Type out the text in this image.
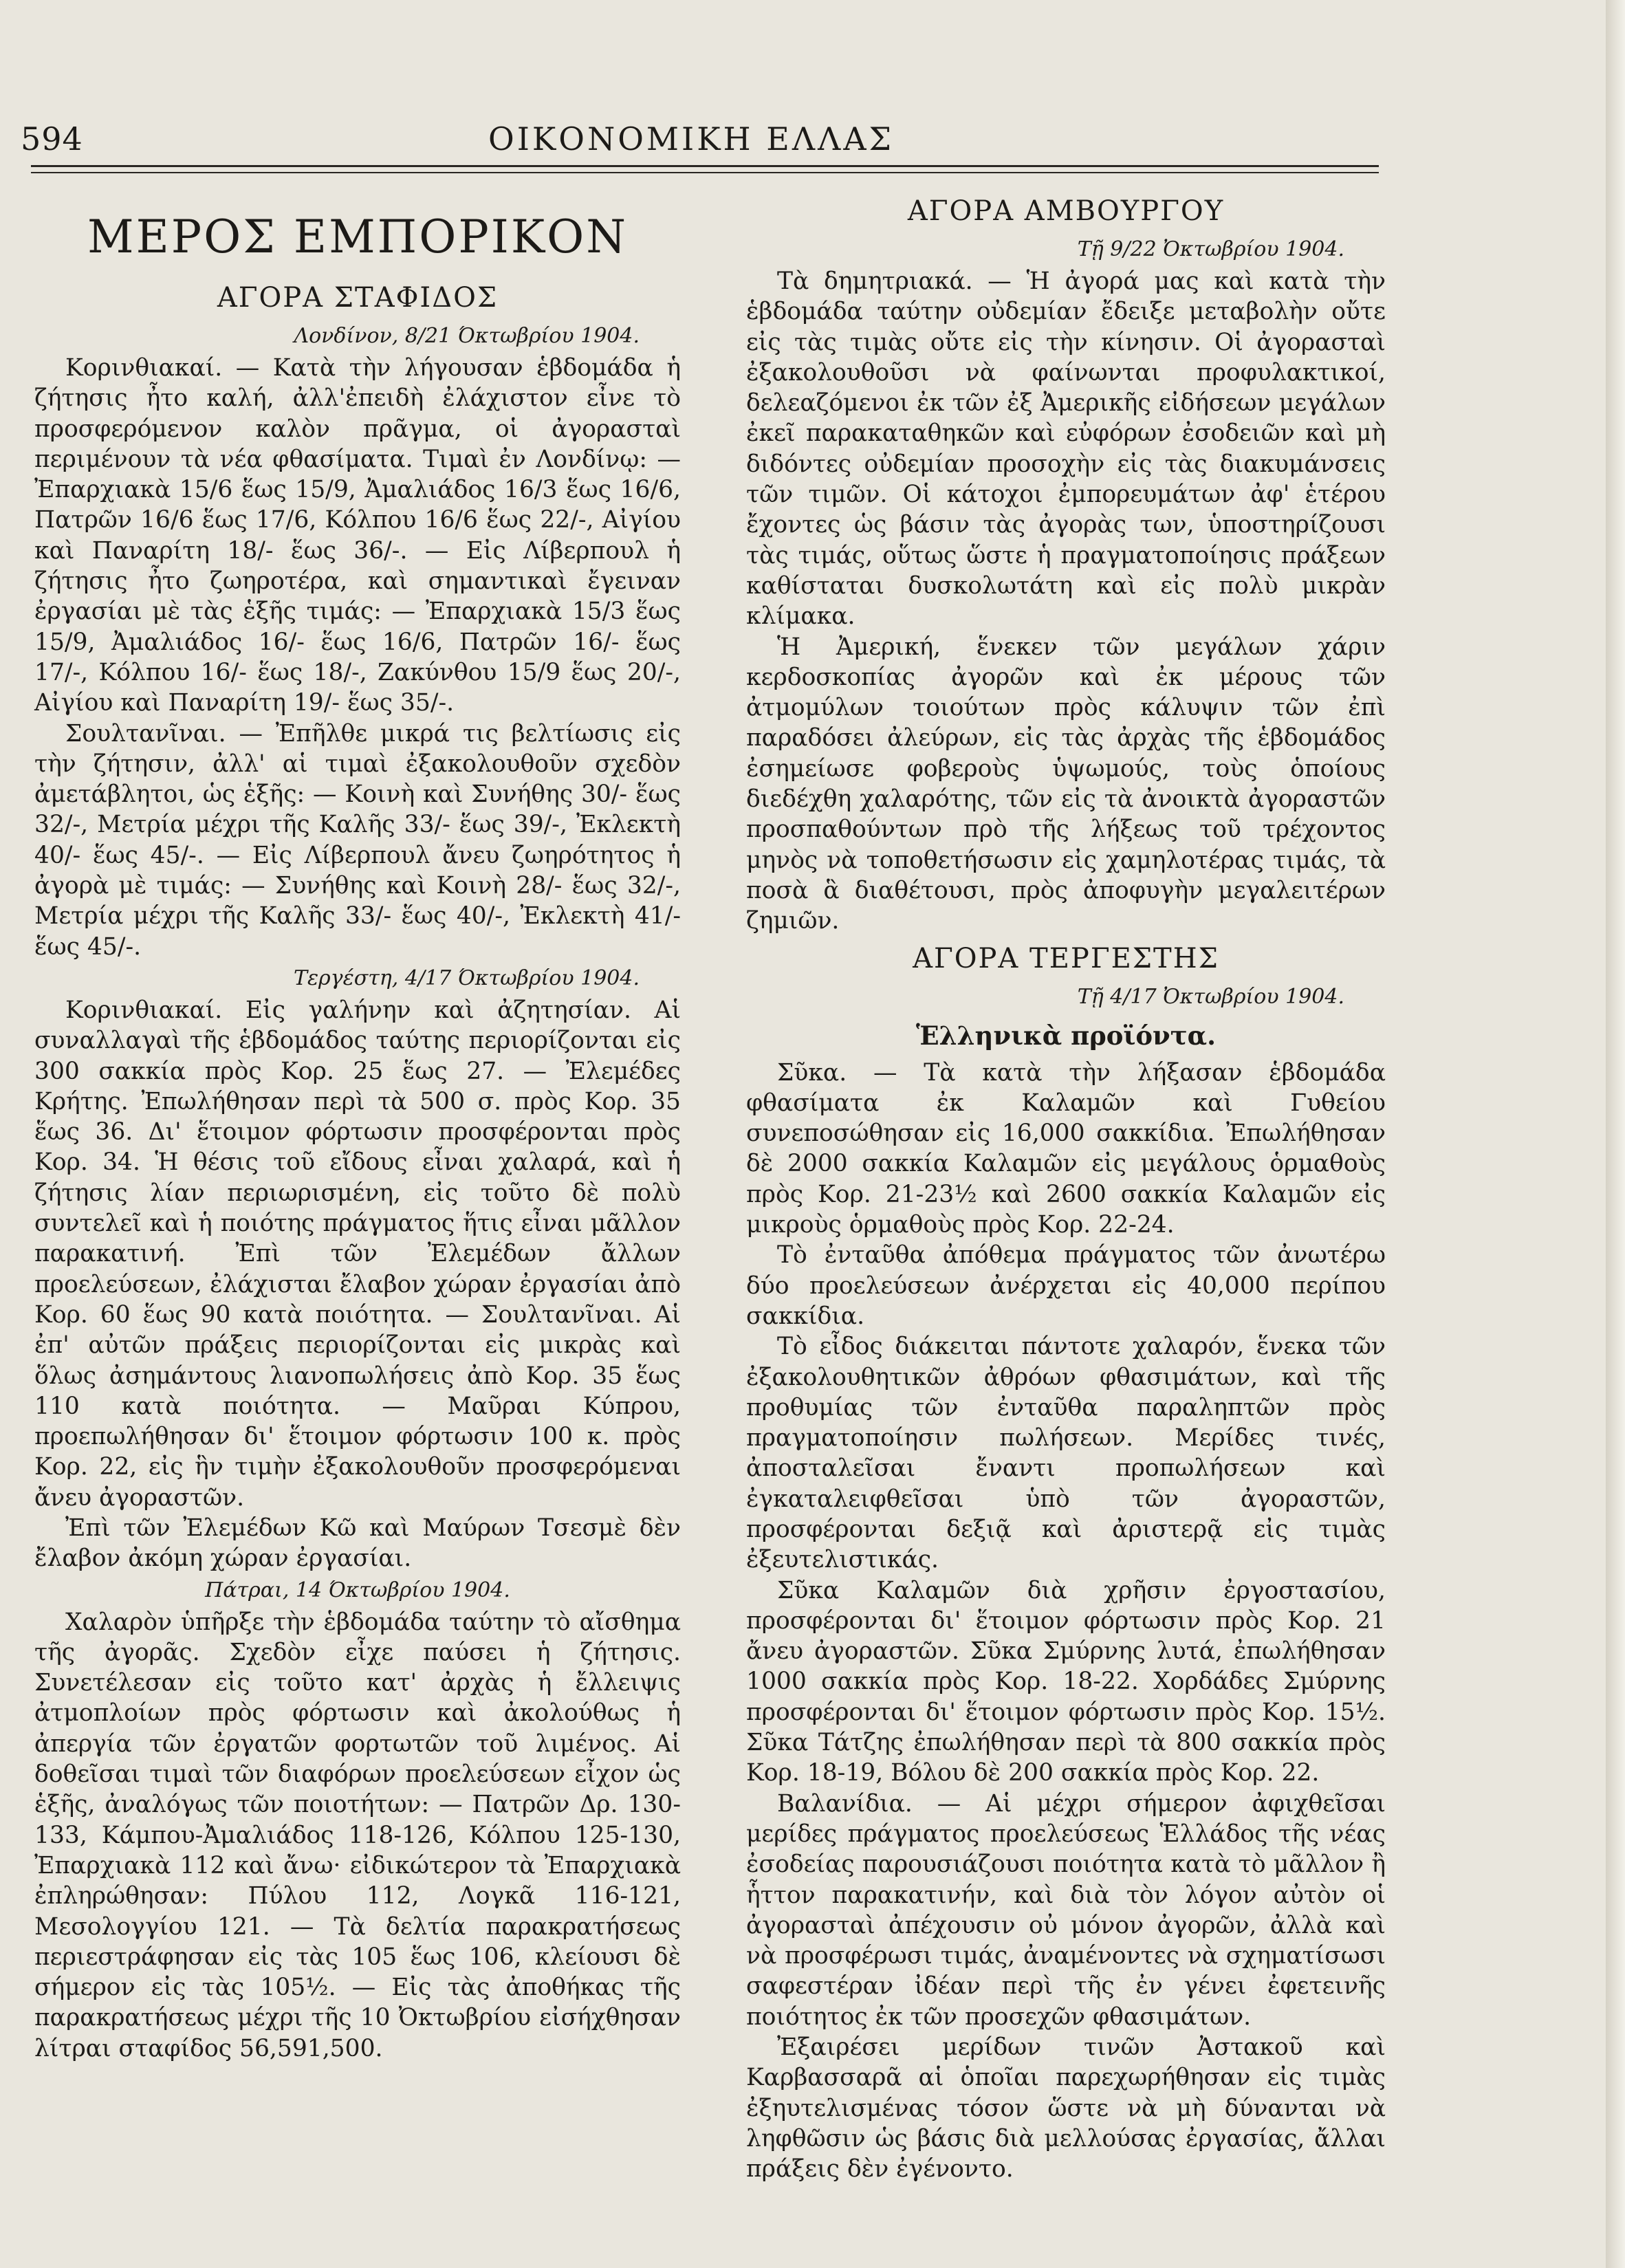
594	ΟΙΚΟΝΟΜΙΚΗ ΕΛΛΑΣ
ΜΕΡΟΣ ΕΜΠΟΡΙΚΟΝ
ΑΓΟΡΑ ΣΤΑΦΙΔΟΣ
Λονδίνον, 8/21 Όκτωβρίου 1904.

Κορινθιακαί. — Κατὰ τὴν λήγουσαν ἑβδομάδα ἡ ζήτησις ἦτο καλή, ἀλλ'ἐπειδὴ ἐλάχιστον εἶνε τὸ προσφερόμενον καλὸν πρᾶγμα, οἱ ἀγορασταὶ περιμένουν τὰ νέα φθασίματα. Τιμαὶ ἐν Λονδίνῳ: — Ἐπαρχιακὰ 15/6 ἕως 15/9, Ἀμαλιάδος 16/3 ἕως 16/6, Πατρῶν 16/6 ἕως 17/6, Κόλπου 16/6 ἕως 22/-, Αἰγίου καὶ Παναρίτη 18/- ἕως 36/-. — Εἰς Λίβερπουλ ἡ ζήτησις ἦτο ζωηροτέρα, καὶ σημαντικαὶ ἔγειναν ἐργασίαι μὲ τὰς ἑξῆς τιμάς: — Ἐπαρχιακὰ 15/3 ἕως 15/9, Ἀμαλιάδος 16/- ἕως 16/6, Πατρῶν 16/- ἕως 17/-, Κόλπου 16/- ἕως 18/-, Ζακύνθου 15/9 ἕως 20/-, Αἰγίου καὶ Παναρίτη 19/- ἕως 35/-.

Σουλτανῖναι. — Ἐπῆλθε μικρά τις βελτίωσις εἰς τὴν ζήτησιν, ἀλλ' αἱ τιμαὶ ἐξακολουθοῦν σχεδὸν ἀμετάβλητοι, ὡς ἑξῆς: — Κοινὴ καὶ Συνήθης 30/- ἕως 32/-, Μετρία μέχρι τῆς Καλῆς 33/- ἕως 39/-, Ἐκλεκτὴ 40/- ἕως 45/-. — Εἰς Λίβερπουλ ἄνευ ζωηρότητος ἡ ἀγορὰ μὲ τιμάς: — Συνήθης καὶ Κοινὴ 28/- ἕως 32/-, Μετρία μέχρι τῆς Καλῆς 33/- ἕως 40/-, Ἐκλεκτὴ 41/- ἕως 45/-.

Τεργέστη, 4/17 Όκτωβρίου 1904.

Κορινθιακαί. Εἰς γαλήνην καὶ ἀζητησίαν. Αἱ συναλλαγαὶ τῆς ἑβδομάδος ταύτης περιορίζονται εἰς 300 σακκία πρὸς Κορ. 25 ἕως 27. — Ἐλεμέδες Κρήτης. Ἐπωλήθησαν περὶ τὰ 500 σ. πρὸς Κορ. 35 ἕως 36. Δι' ἕτοιμον φόρτωσιν προσφέρονται πρὸς Κορ. 34. Ἡ θέσις τοῦ εἴδους εἶναι χαλαρά, καὶ ἡ ζήτησις λίαν περιωρισμένη, εἰς τοῦτο δὲ πολὺ συντελεῖ καὶ ἡ ποιότης πράγματος ἥτις εἶναι μᾶλλον παρακατινή. Ἐπὶ τῶν Ἐλεμέδων ἄλλων προελεύσεων, ἐλάχισται ἔλαβον χώραν ἐργασίαι ἀπὸ Κορ. 60 ἕως 90 κατὰ ποιότητα. — Σουλτανῖναι. Αἱ ἐπ' αὐτῶν πράξεις περιορίζονται εἰς μικρὰς καὶ ὅλως ἀσημάντους λιανοπωλήσεις ἀπὸ Κορ. 35 ἕως 110 κατὰ ποιότητα. — Μαῦραι Κύπρου, προεπωλήθησαν δι' ἕτοιμον φόρτωσιν 100 κ. πρὸς Κορ. 22, εἰς ἣν τιμὴν ἐξακολουθοῦν προσφερόμεναι ἄνευ ἀγοραστῶν.

Ἐπὶ τῶν Ἐλεμέδων Κῶ καὶ Μαύρων Τσεσμὲ δὲν ἔλαβον ἀκόμη χώραν ἐργασίαι.

Πάτραι, 14 Όκτωβρίου 1904.

Χαλαρὸν ὑπῆρξε τὴν ἑβδομάδα ταύτην τὸ αἴσθημα τῆς ἀγορᾶς. Σχεδὸν εἶχε παύσει ἡ ζήτησις. Συνετέλεσαν εἰς τοῦτο κατ' ἀρχὰς ἡ ἔλλειψις ἀτμοπλοίων πρὸς φόρτωσιν καὶ ἀκολούθως ἡ ἀπεργία τῶν ἐργατῶν φορτωτῶν τοῦ λιμένος. Αἱ δοθεῖσαι τιμαὶ τῶν διαφόρων προελεύσεων εἶχον ὡς ἑξῆς, ἀναλόγως τῶν ποιοτήτων: — Πατρῶν Δρ. 130-133, Κάμπου-Ἀμαλιάδος 118-126, Κόλπου 125-130, Ἐπαρχιακὰ 112 καὶ ἄνω· εἰδικώτερον τὰ Ἐπαρχιακὰ ἐπληρώθησαν: Πύλου 112, Λογκᾶ 116-121, Μεσολογγίου 121. — Τὰ δελτία παρακρατήσεως περιεστράφησαν εἰς τὰς 105 ἕως 106, κλείουσι δὲ σήμερον εἰς τὰς 105½. — Εἰς τὰς ἀποθήκας τῆς παρακρατήσεως μέχρι τῆς 10 Ὀκτωβρίου εἰσήχθησαν λίτραι σταφίδος 56,591,500.

ΑΓΟΡΑ ΑΜΒΟΥΡΓΟΥ
Τῇ 9/22 Ὀκτωβρίου 1904.

Τὰ δημητριακά. — Ἡ ἀγορά μας καὶ κατὰ τὴν ἑβδομάδα ταύτην οὐδεμίαν ἔδειξε μεταβολὴν οὔτε εἰς τὰς τιμὰς οὔτε εἰς τὴν κίνησιν. Οἱ ἀγορασταὶ ἐξακολουθοῦσι νὰ φαίνωνται προφυλακτικοί, δελεαζόμενοι ἐκ τῶν ἐξ Ἀμερικῆς εἰδήσεων μεγάλων ἐκεῖ παρακαταθηκῶν καὶ εὐφόρων ἐσοδειῶν καὶ μὴ διδόντες οὐδεμίαν προσοχὴν εἰς τὰς διακυμάνσεις τῶν τιμῶν. Οἱ κάτοχοι ἐμπορευμάτων ἀφ' ἑτέρου ἔχοντες ὡς βάσιν τὰς ἀγορὰς των, ὑποστηρίζουσι τὰς τιμάς, οὕτως ὥστε ἡ πραγματοποίησις πράξεων καθίσταται δυσκολωτάτη καὶ εἰς πολὺ μικρὰν κλίμακα.

Ἡ Ἀμερική, ἕνεκεν τῶν μεγάλων χάριν κερδοσκοπίας ἀγορῶν καὶ ἐκ μέρους τῶν ἀτμομύλων τοιούτων πρὸς κάλυψιν τῶν ἐπὶ παραδόσει ἀλεύρων, εἰς τὰς ἀρχὰς τῆς ἑβδομάδος ἐσημείωσε φοβεροὺς ὑψωμούς, τοὺς ὁποίους διεδέχθη χαλαρότης, τῶν εἰς τὰ ἀνοικτὰ ἀγοραστῶν προσπαθούντων πρὸ τῆς λήξεως τοῦ τρέχοντος μηνὸς νὰ τοποθετήσωσιν εἰς χαμηλοτέρας τιμάς, τὰ ποσὰ ἃ διαθέτουσι, πρὸς ἀποφυγὴν μεγαλειτέρων ζημιῶν.

ΑΓΟΡΑ ΤΕΡΓΕΣΤΗΣ
Τῇ 4/17 Ὀκτωβρίου 1904.
Ἑλληνικὰ προϊόντα.

Σῦκα. — Τὰ κατὰ τὴν λήξασαν ἑβδομάδα φθασίματα ἐκ Καλαμῶν καὶ Γυθείου συνεποσώθησαν εἰς 16,000 σακκίδια. Ἐπωλήθησαν δὲ 2000 σακκία Καλαμῶν εἰς μεγάλους ὁρμαθοὺς πρὸς Κορ. 21-23½ καὶ 2600 σακκία Καλαμῶν εἰς μικροὺς ὁρμαθοὺς πρὸς Κορ. 22-24.

Τὸ ἐνταῦθα ἀπόθεμα πράγματος τῶν ἀνωτέρω δύο προελεύσεων ἀνέρχεται εἰς 40,000 περίπου σακκίδια.

Τὸ εἶδος διάκειται πάντοτε χαλαρόν, ἕνεκα τῶν ἐξακολουθητικῶν ἀθρόων φθασιμάτων, καὶ τῆς προθυμίας τῶν ἐνταῦθα παραληπτῶν πρὸς πραγματοποίησιν πωλήσεων. Μερίδες τινές, ἀποσταλεῖσαι ἔναντι προπωλήσεων καὶ ἐγκαταλειφθεῖσαι ὑπὸ τῶν ἀγοραστῶν, προσφέρονται δεξιᾷ καὶ ἀριστερᾷ εἰς τιμὰς ἐξευτελιστικάς.

Σῦκα Καλαμῶν διὰ χρῆσιν ἐργοστασίου, προσφέρονται δι' ἕτοιμον φόρτωσιν πρὸς Κορ. 21 ἄνευ ἀγοραστῶν. Σῦκα Σμύρνης λυτά, ἐπωλήθησαν 1000 σακκία πρὸς Κορ. 18-22. Χορδάδες Σμύρνης προσφέρονται δι' ἕτοιμον φόρτωσιν πρὸς Κορ. 15½. Σῦκα Τάτζης ἐπωλήθησαν περὶ τὰ 800 σακκία πρὸς Κορ. 18-19, Βόλου δὲ 200 σακκία πρὸς Κορ. 22.

Βαλανίδια. — Αἱ μέχρι σήμερον ἀφιχθεῖσαι μερίδες πράγματος προελεύσεως Ἑλλάδος τῆς νέας ἐσοδείας παρουσιάζουσι ποιότητα κατὰ τὸ μᾶλλον ἢ ἧττον παρακατινήν, καὶ διὰ τὸν λόγον αὐτὸν οἱ ἀγορασταὶ ἀπέχουσιν οὐ μόνον ἀγορῶν, ἀλλὰ καὶ νὰ προσφέρωσι τιμάς, ἀναμένοντες νὰ σχηματίσωσι σαφεστέραν ἰδέαν περὶ τῆς ἐν γένει ἐφετεινῆς ποιότητος ἐκ τῶν προσεχῶν φθασιμάτων.

Ἐξαιρέσει μερίδων τινῶν Ἀστακοῦ καὶ Καρβασσαρᾶ αἱ ὁποῖαι παρεχωρήθησαν εἰς τιμὰς ἐξηυτελισμένας τόσον ὥστε νὰ μὴ δύνανται νὰ ληφθῶσιν ὡς βάσις διὰ μελλούσας ἐργασίας, ἄλλαι πράξεις δὲν ἐγένοντο.
